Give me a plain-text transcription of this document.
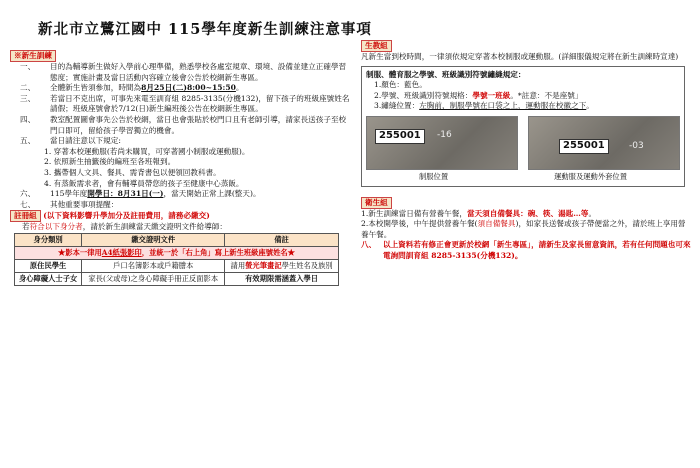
新北市立鷺江國中 115學年度新生訓練注意事項
※新生訓練
一、 目的為輔導新生做好入學前心理準備，熟悉學校各處室規章、環境、設備並建立正確學習態度；實施計畫及當日活動內容確立後會公告於校網新生專區。
二、 全體新生皆須參加，時間為8月25日(二)8:00~15:50。
三、 若當日不克出席，可事先來電至訓育組 8285-3135(分機132)，留下孩子的班級座號姓名請假；班級座號會於7/12(日)新生編班後公告在校網新生專區。
四、 教室配置圖會事先公告於校網，當日也會張貼於校門口且有老師引導，請家長送孩子至校門口即可，留給孩子學習獨立的機會。
五、 當日請注意以下規定:
1. 穿著本校運動服(若尚未購買，可穿著國小制服或運動服)。
2. 依照新生抽籤後的編班至各班報到。
3. 攜帶個人文具、餐具、需背書包以便領回教科書。
4. 有蒸飯需求者，會有輔導員帶您的孩子至健康中心蒸飯。
六、 115學年度開學日：8月31日(一)，當天開始正常上課(整天)。
七、 其他重要事項提醒：
註冊組 (以下資料影響升學加分及註冊費用，請務必繳交)
若符合以下身分者，請於新生訓練當天繳交證明文件給導師：
身分類別	繳交證明文件	備註
★影本一律用A4紙張影印，並統一於「右上角」寫上新生班級座號姓名★		
原住民學生	戶口名簿影本或戶籍謄本	請用螢光筆畫記學生姓名及族別
身心障礙人士子女	家長(父或母)之身心障礙手冊正反面影本	有效期限需涵蓋入學日
生教組
凡新生當到校時間，一律須依規定穿著本校制服或運動服。(詳細服儀規定將在新生訓練時宣達)
制服、體育服之學號、班級識別符號繡縫規定：
1.顏色：藍色。
2.學號、班級識別符號規格：學號一班級。*註意：不是座號」
3.繡縫位置：左胸前，制服學號在口袋之上，運動服在校徽之下。
255001	-16
255001	-03
制服位置	運動服及運動外套位置
衛生組
1.新生訓練當日備有營養午餐，當天須自備餐具：碗、筷、湯匙…等。
2.本校開學後，中午提供營養午餐(須自備餐具)，如家長送餐或孩子帶便當之外，請於班上享用營養午餐。
八、 以上資料若有修正會更新於校網「新生專區」，請新生及家長留意資訊，若有任何問題也可來電詢問訓育組 8285-3135(分機132)。
